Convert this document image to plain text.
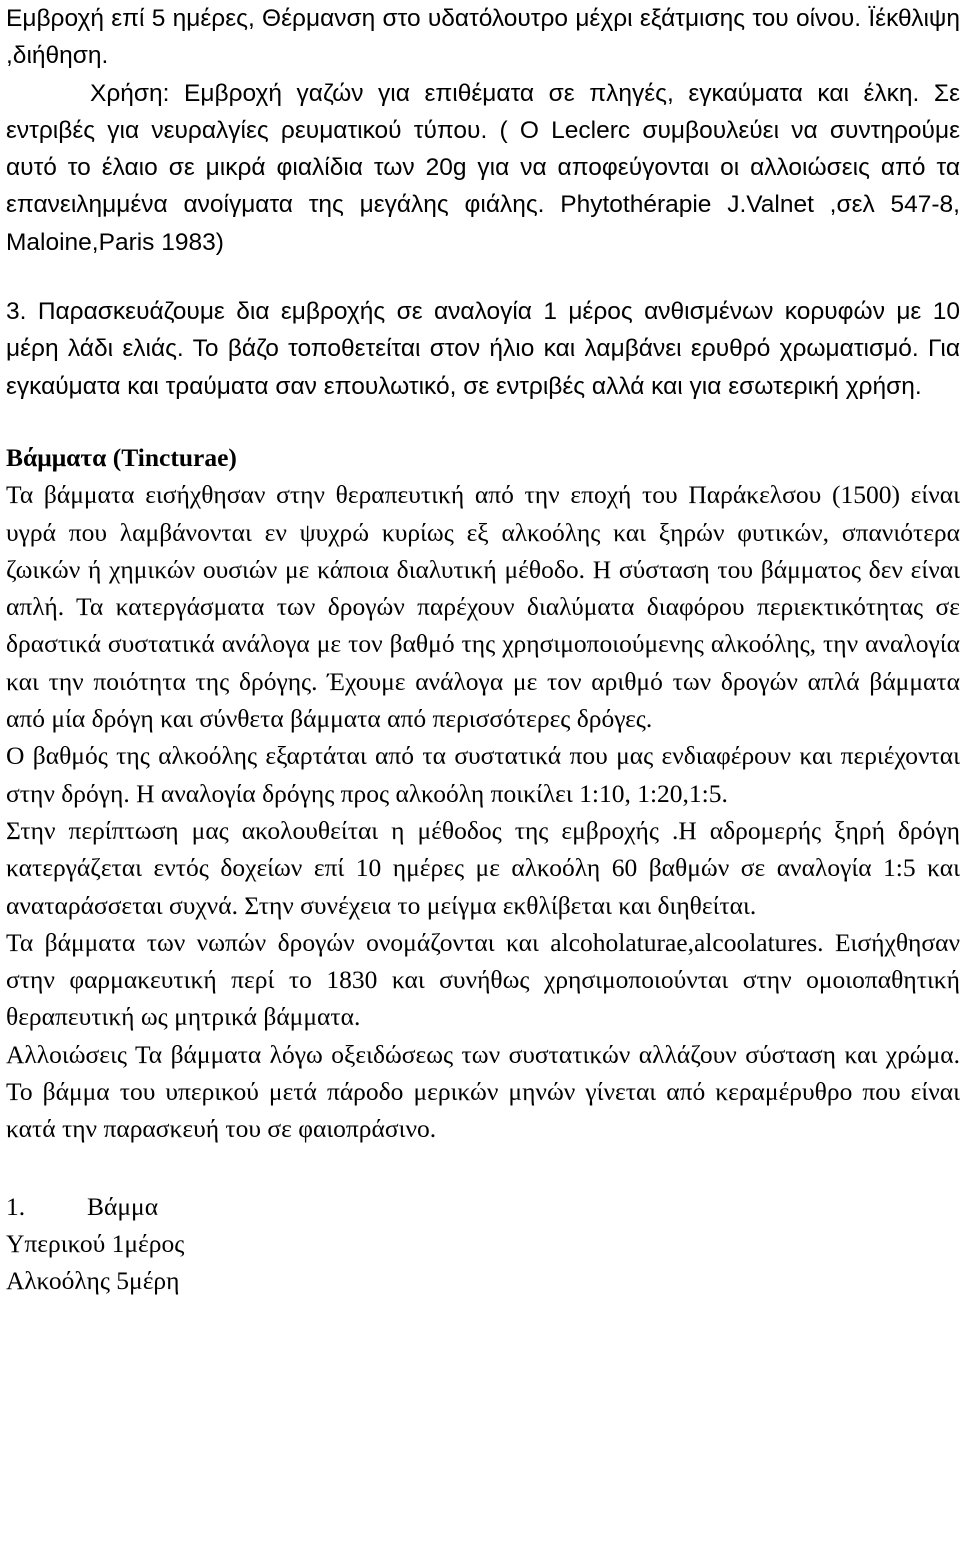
Εμβροχή επί 5 ημέρες, Θέρμανση στο υδατόλουτρο μέχρι εξάτμισης του οίνου. Ϊέκθλιψη ,διήθηση.

Χρήση: Εμβροχή γαζών για επιθέματα σε πληγές, εγκαύματα και έλκη. Σε εντριβές για νευραλγίες ρευματικού τύπου. ( Ο Leclerc συμβουλεύει να συντηρούμε αυτό το έλαιο σε μικρά φιαλίδια των 20g για να αποφεύγονται οι αλλοιώσεις από τα επανειλημμένα ανοίγματα της μεγάλης φιάλης. Phytothérapie J.Valnet ,σελ 547-8, Maloine,Paris 1983)

3. Παρασκευάζουμε δια εμβροχής σε αναλογία 1 μέρος ανθισμένων κορυφών με 10 μέρη λάδι ελιάς. Το βάζο τοποθετείται στον ήλιο και λαμβάνει ερυθρό χρωματισμό. Για εγκαύματα και τραύματα σαν επουλωτικό, σε εντριβές αλλά και για εσωτερική χρήση.

Βάμματα (Tincturae)

Τα βάμματα εισήχθησαν στην θεραπευτική από την εποχή του Παράκελσου (1500) είναι υγρά που λαμβάνονται εν ψυχρώ κυρίως εξ αλκοόλης και ξηρών φυτικών, σπανιότερα ζωικών ή χημικών ουσιών με κάποια διαλυτική μέθοδο. Η σύσταση του βάμματος δεν είναι απλή. Τα κατεργάσματα των δρογών παρέχουν διαλύματα διαφόρου περιεκτικότητας σε δραστικά συστατικά ανάλογα με τον βαθμό της χρησιμοποιούμενης αλκοόλης, την αναλογία και την ποιότητα της δρόγης. Έχουμε ανάλογα με τον αριθμό των δρογών απλά βάμματα από μία δρόγη και σύνθετα βάμματα από περισσότερες δρόγες.

Ο βαθμός της αλκοόλης εξαρτάται από τα συστατικά που μας ενδιαφέρουν και περιέχονται στην δρόγη. Η αναλογία δρόγης προς αλκοόλη ποικίλει 1:10, 1:20,1:5.

Στην περίπτωση μας ακολουθείται η μέθοδος της εμβροχής .Η αδρομερής ξηρή δρόγη κατεργάζεται εντός δοχείων επί 10 ημέρες με αλκοόλη 60 βαθμών σε αναλογία 1:5 και αναταράσσεται συχνά. Στην συνέχεια το μείγμα εκθλίβεται και διηθείται.

Τα βάμματα των νωπών δρογών ονομάζονται και alcoholaturae,alcoolatures. Εισήχθησαν στην φαρμακευτική περί το 1830 και συνήθως χρησιμοποιούνται στην ομοιοπαθητική θεραπευτική ως μητρικά βάμματα.

Αλλοιώσεις Τα βάμματα λόγω οξειδώσεως των συστατικών αλλάζουν σύσταση και χρώμα. Το βάμμα του υπερικού μετά πάροδο μερικών μηνών γίνεται από κεραμέρυθρο που είναι κατά την παρασκευή του σε φαιοπράσινο.

1. Βάμμα

Υπερικού 1μέρος

Αλκοόλης 5μέρη
